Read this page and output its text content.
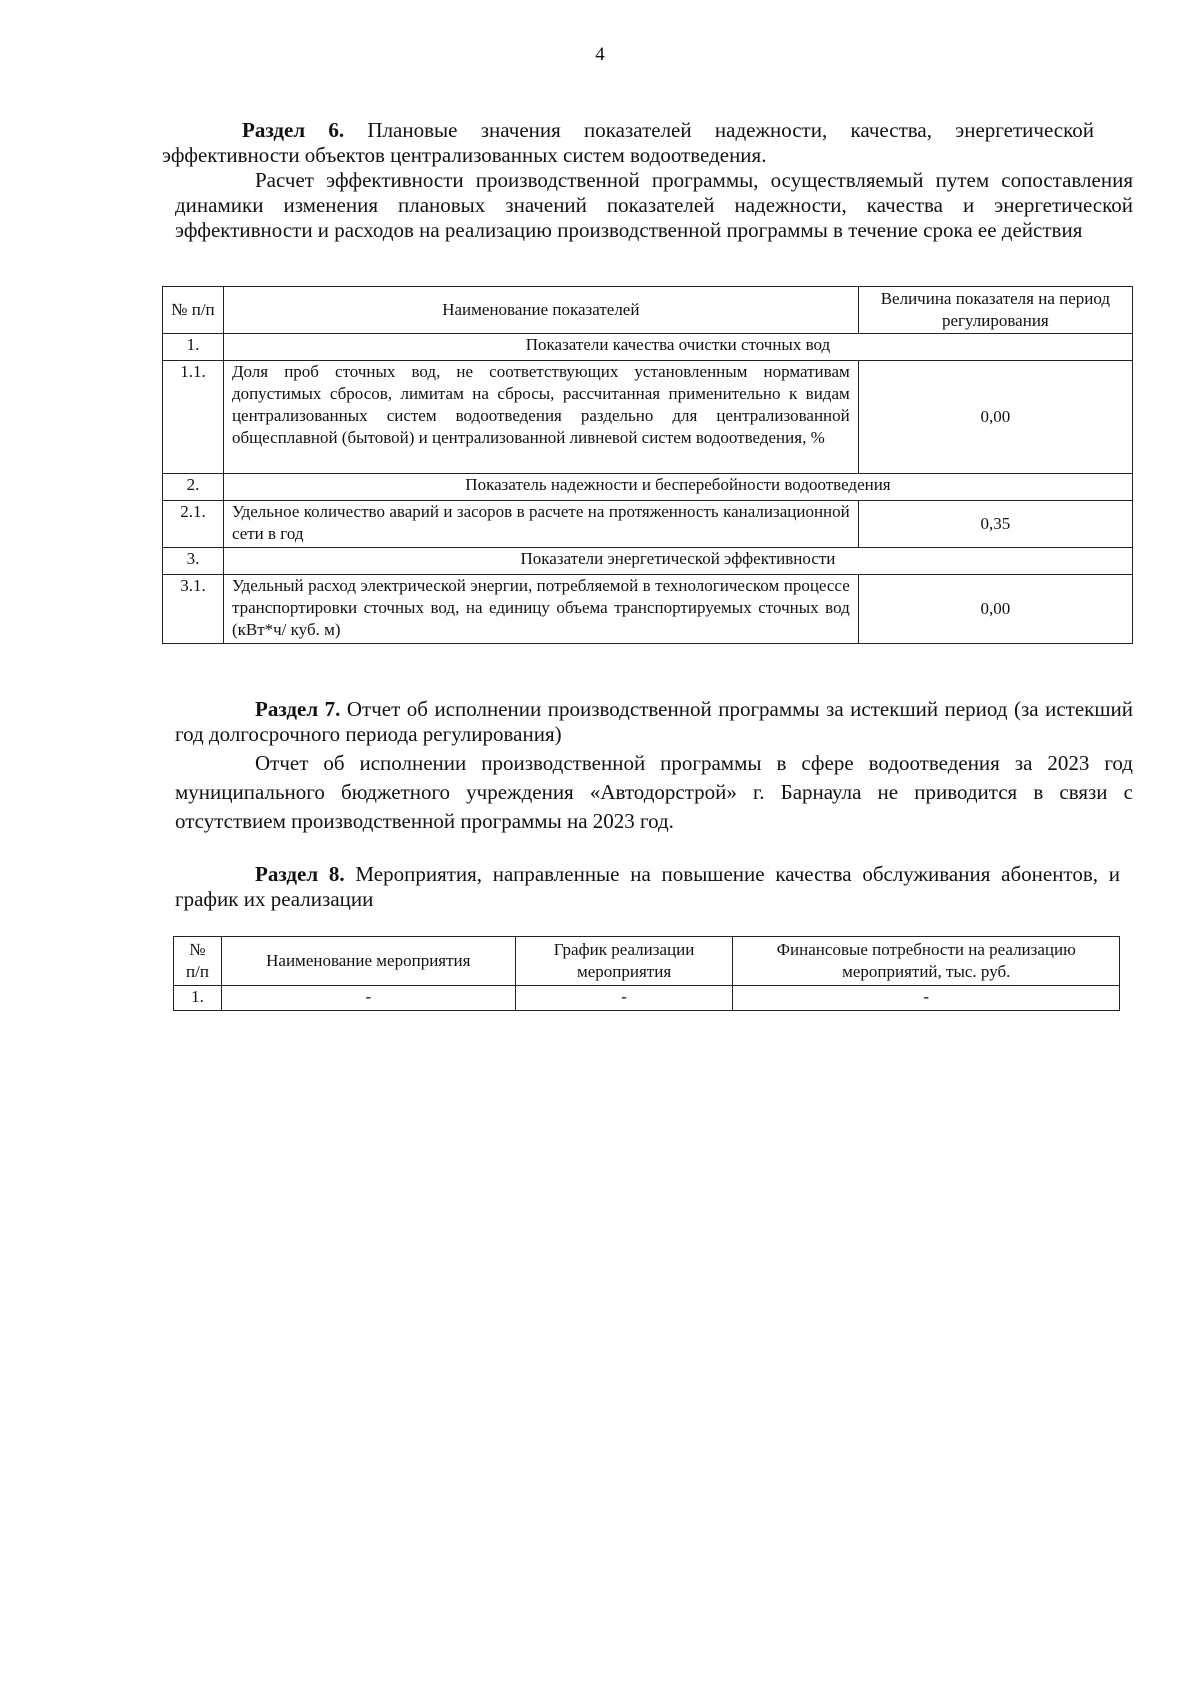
4

Раздел 6. Плановые значения показателей надежности, качества, энергетической эффективности объектов централизованных систем водоотведения.

Расчет эффективности производственной программы, осуществляемый путем сопоставления динамики изменения плановых значений показателей надежности, качества и энергетической эффективности и расходов на реализацию производственной программы в течение срока ее действия

№ п/п	Наименование показателей	Величина показателя на период регулирования
1.	Показатели качества очистки сточных вод	
1.1.	Доля проб сточных вод, не соответствующих установленным нормативам допустимых сбросов, лимитам на сбросы, рассчитанная применительно к видам централизованных систем водоотведения раздельно для централизованной общесплавной (бытовой) и централизованной ливневой систем водоотведения, %	0,00
2.	Показатель надежности и бесперебойности водоотведения	
2.1.	Удельное количество аварий и засоров в расчете на протяженность канализационной сети в год	0,35
3.	Показатели энергетической эффективности	
3.1.	Удельный расход электрической энергии, потребляемой в технологическом процессе транспортировки сточных вод, на единицу объема транспортируемых сточных вод (кВт*ч/ куб. м)	0,00

Раздел 7. Отчет об исполнении производственной программы за истекший период (за истекший год долгосрочного периода регулирования)

Отчет об исполнении производственной программы в сфере водоотведения за 2023 год муниципального бюджетного учреждения «Автодорстрой» г. Барнаула не приводится в связи с отсутствием производственной программы на 2023 год.

Раздел 8. Мероприятия, направленные на повышение качества обслуживания абонентов, и график их реализации

№ п/п	Наименование мероприятия	График реализации мероприятия	Финансовые потребности на реализацию мероприятий, тыс. руб.
1.	-	-	-
